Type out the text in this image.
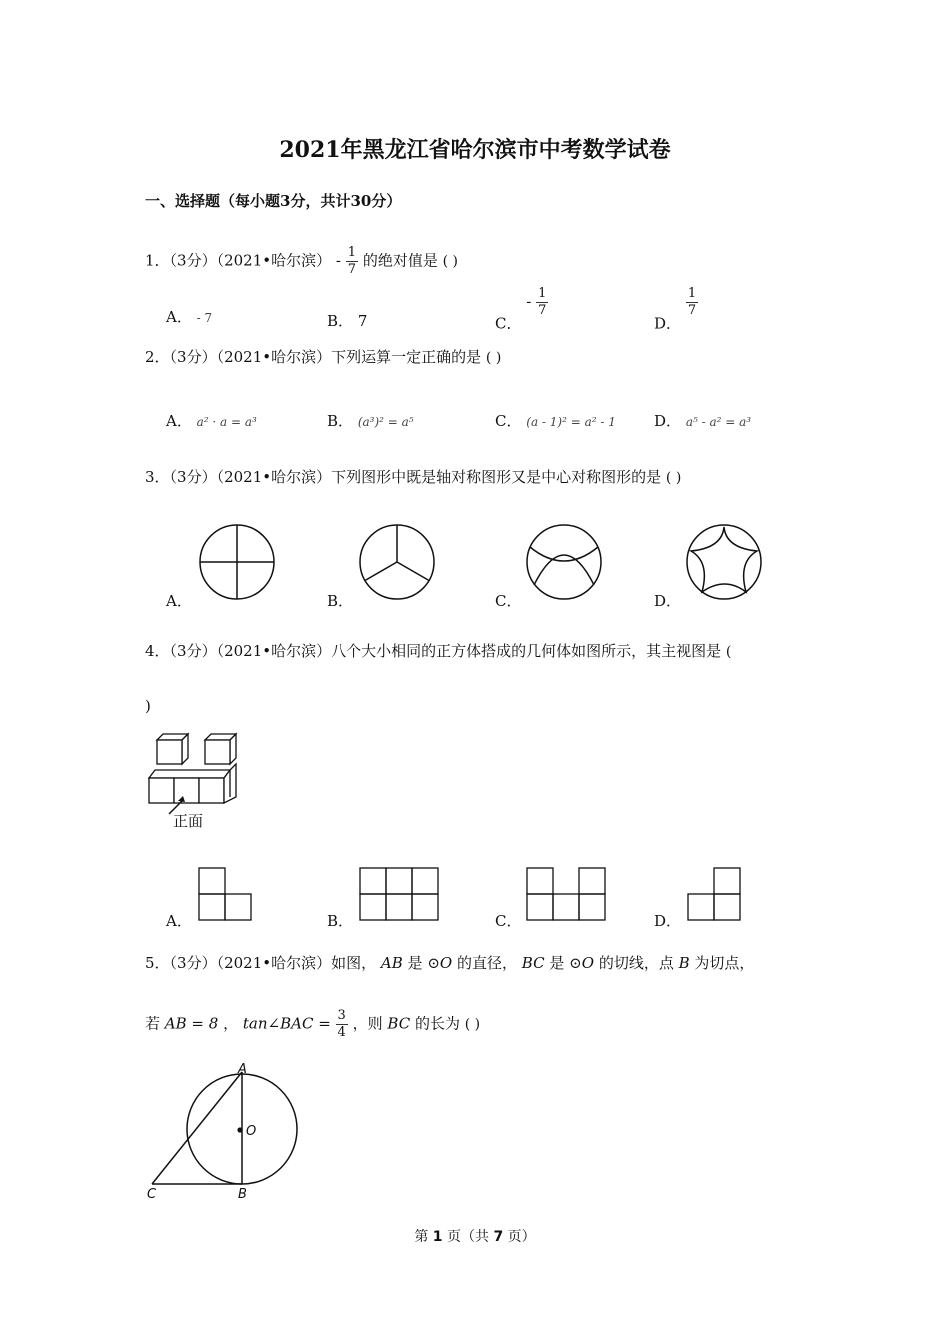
2021年黑龙江省哈尔滨市中考数学试卷
一、选择题（每小题3分，共计30分）
1．（3分）（2021•哈尔滨） - $\frac{1}{7}$ 的绝对值是 ( )
A． - 7	B． 7	C． - $\frac{1}{7}$
D．
$\frac{1}{7}$
2．（3分）（2021•哈尔滨）下列运算一定正确的是 ( )
A． a² · a = a³	B． (a³)² = a⁵	C． (a - 1)² = a² - 1	D． a⁵ - a² = a³
3．（3分）（2021•哈尔滨）下列图形中既是轴对称图形又是中心对称图形的是 ( )
A．	B．	C．	D．
4．（3分）（2021•哈尔滨）八个大小相同的正方体搭成的几何体如图所示，其主视图是 (
)
正面
A．	B．	C．	D．
5．（3分）（2021•哈尔滨）如图， AB 是 ⊙O 的直径， BC 是 ⊙O 的切线，点 B 为切点，
若 AB = 8 ， tan∠BAC = $\frac{3}{4}$ ，则 BC 的长为 ( )
A
O
C	B
第 1 页（共 7 页）
